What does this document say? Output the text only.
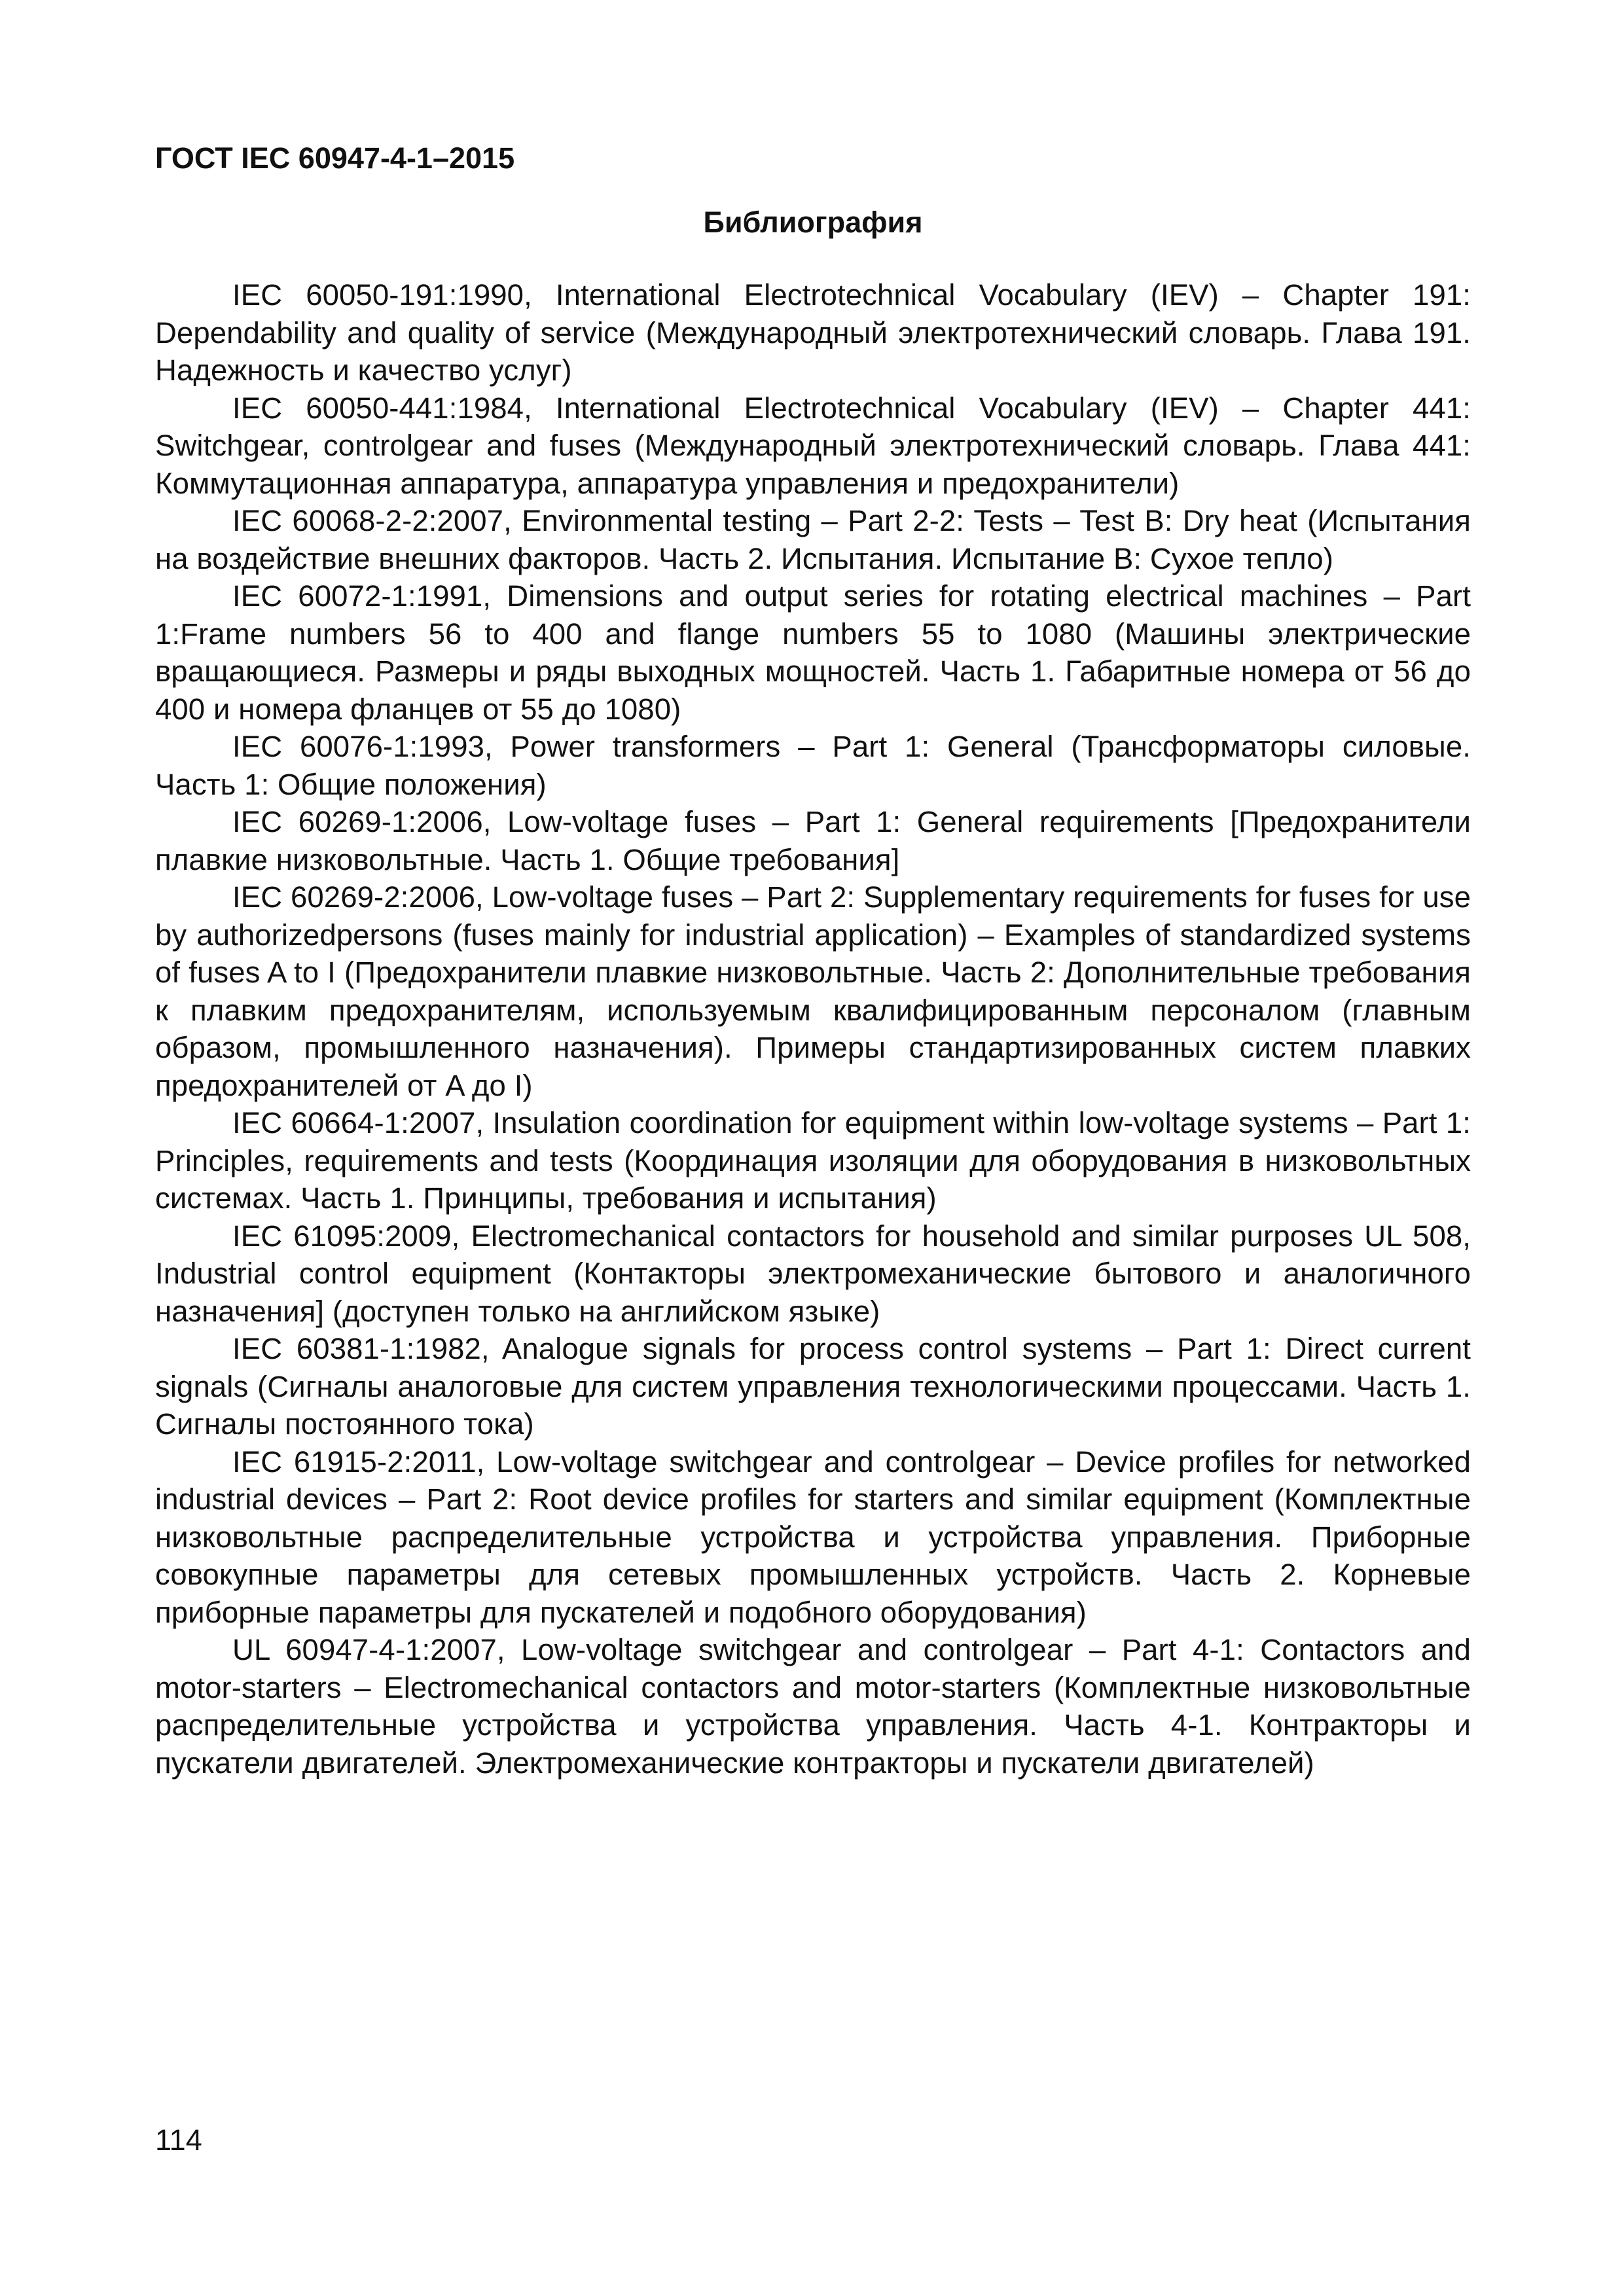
ГОСТ IEC 60947-4-1–2015
Библиография

IEC 60050-191:1990, International Electrotechnical Vocabulary (IEV) – Chapter 191: Dependability and quality of service (Международный электротехнический словарь. Глава 191. Надежность и качество услуг)

IEC 60050-441:1984, International Electrotechnical Vocabulary (IEV) – Chapter 441: Switchgear, controlgear and fuses (Международный электротехнический словарь. Глава 441: Коммутационная аппаратура, аппаратура управления и предохранители)

IEC 60068-2-2:2007, Environmental testing – Part 2-2: Tests – Test B: Dry heat (Испытания на воздействие внешних факторов. Часть 2. Испытания. Испытание B: Сухое тепло)

IEC 60072-1:1991, Dimensions and output series for rotating electrical machines – Part 1:Frame numbers 56 to 400 and flange numbers 55 to 1080 (Машины электрические вращающиеся. Размеры и ряды выходных мощностей. Часть 1. Габаритные номера от 56 до 400 и номера фланцев от 55 до 1080)

IEC 60076-1:1993, Power transformers – Part 1: General (Трансформаторы силовые. Часть 1: Общие положения)

IEC 60269-1:2006, Low-voltage fuses – Part 1: General requirements [Предохранители плавкие низковольтные. Часть 1. Общие требования]

IEC 60269-2:2006, Low-voltage fuses – Part 2: Supplementary requirements for fuses for use by authorizedpersons (fuses mainly for industrial application) – Examples of standardized systems of fuses A to I (Предохранители плавкие низковольтные. Часть 2: Дополнительные требования к плавким предохранителям, используемым квалифицированным персоналом (главным образом, промышленного назначения). Примеры стандартизированных систем плавких предохранителей от A до I)

IEC 60664-1:2007, Insulation coordination for equipment within low-voltage systems – Part 1: Principles, requirements and tests (Координация изоляции для оборудования в низковольтных системах. Часть 1. Принципы, требования и испытания)

IEC 61095:2009, Electromechanical contactors for household and similar purposes UL 508, Industrial control equipment (Контакторы электромеханические бытового и аналогичного назначения] (доступен только на английском языке)

IEC 60381-1:1982, Analogue signals for process control systems – Part 1: Direct current signals (Сигналы аналоговые для систем управления технологическими процессами. Часть 1. Сигналы постоянного тока)

IEC 61915-2:2011, Low-voltage switchgear and controlgear – Device profiles for networked industrial devices – Part 2: Root device profiles for starters and similar equipment (Комплектные низковольтные распределительные устройства и устройства управления. Приборные совокупные параметры для сетевых промышленных устройств. Часть 2. Корневые приборные параметры для пускателей и подобного оборудования)

UL 60947-4-1:2007, Low-voltage switchgear and controlgear – Part 4-1: Contactors and motor-starters – Electromechanical contactors and motor-starters (Комплектные низковольтные распределительные устройства и устройства управления. Часть 4-1. Контракторы и пускатели двигателей. Электромеханические контракторы и пускатели двигателей)

114
